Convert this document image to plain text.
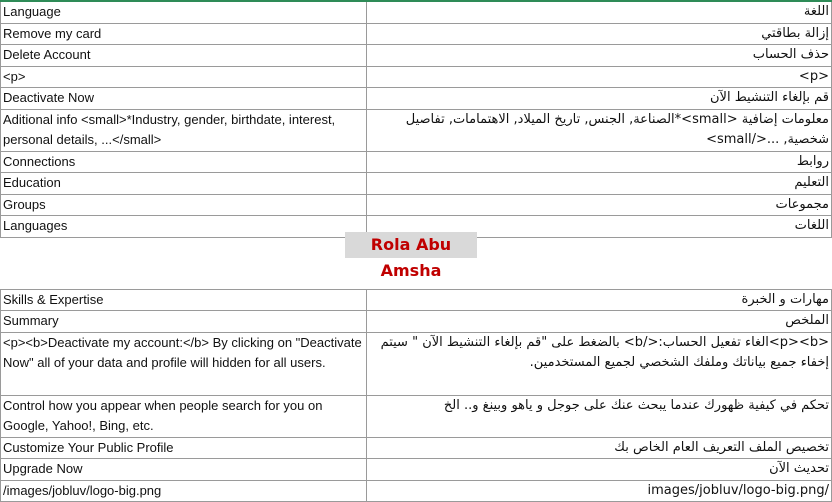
Language	اللغة
Remove my card	إزالة بطاقتي
Delete Account	حذف الحساب
<p>	<p>
Deactivate Now	قم بإلغاء التنشيط الآن
Aditional info <small>*Industry, gender, birthdate, interest, personal details, ...</small>	معلومات إضافية <small>*الصناعة, الجنس, تاريخ الميلاد, الاهتمامات, تفاصيل شخصية, ...</small>
Connections	روابط
Education	التعليم
Groups	مجموعات
Languages	اللغات
Skills & Expertise	مهارات و الخبرة
Summary	الملخص
<p><b>Deactivate my account:</b> By clicking on "Deactivate Now" all of your data and profile will hidden for all users.	<p><b>الغاء تفعيل الحساب:</b> بالضغط على "قم بإلغاء التنشيط الآن " سيتم إخفاء جميع بياناتك وملفك الشخصي لجميع المستخدمين.
Control how you appear when people search for you on Google, Yahoo!, Bing, etc.	تحكم في كيفية ظهورك عندما يبحث عنك على جوجل و ياهو وبينغ و.. الخ
Customize Your Public Profile	تخصيص الملف التعريف العام الخاص بك
Upgrade Now	تحديث الآن
/images/jobluv/logo-big.png	/images/jobluv/logo-big.png
Rola Abu Amsha
